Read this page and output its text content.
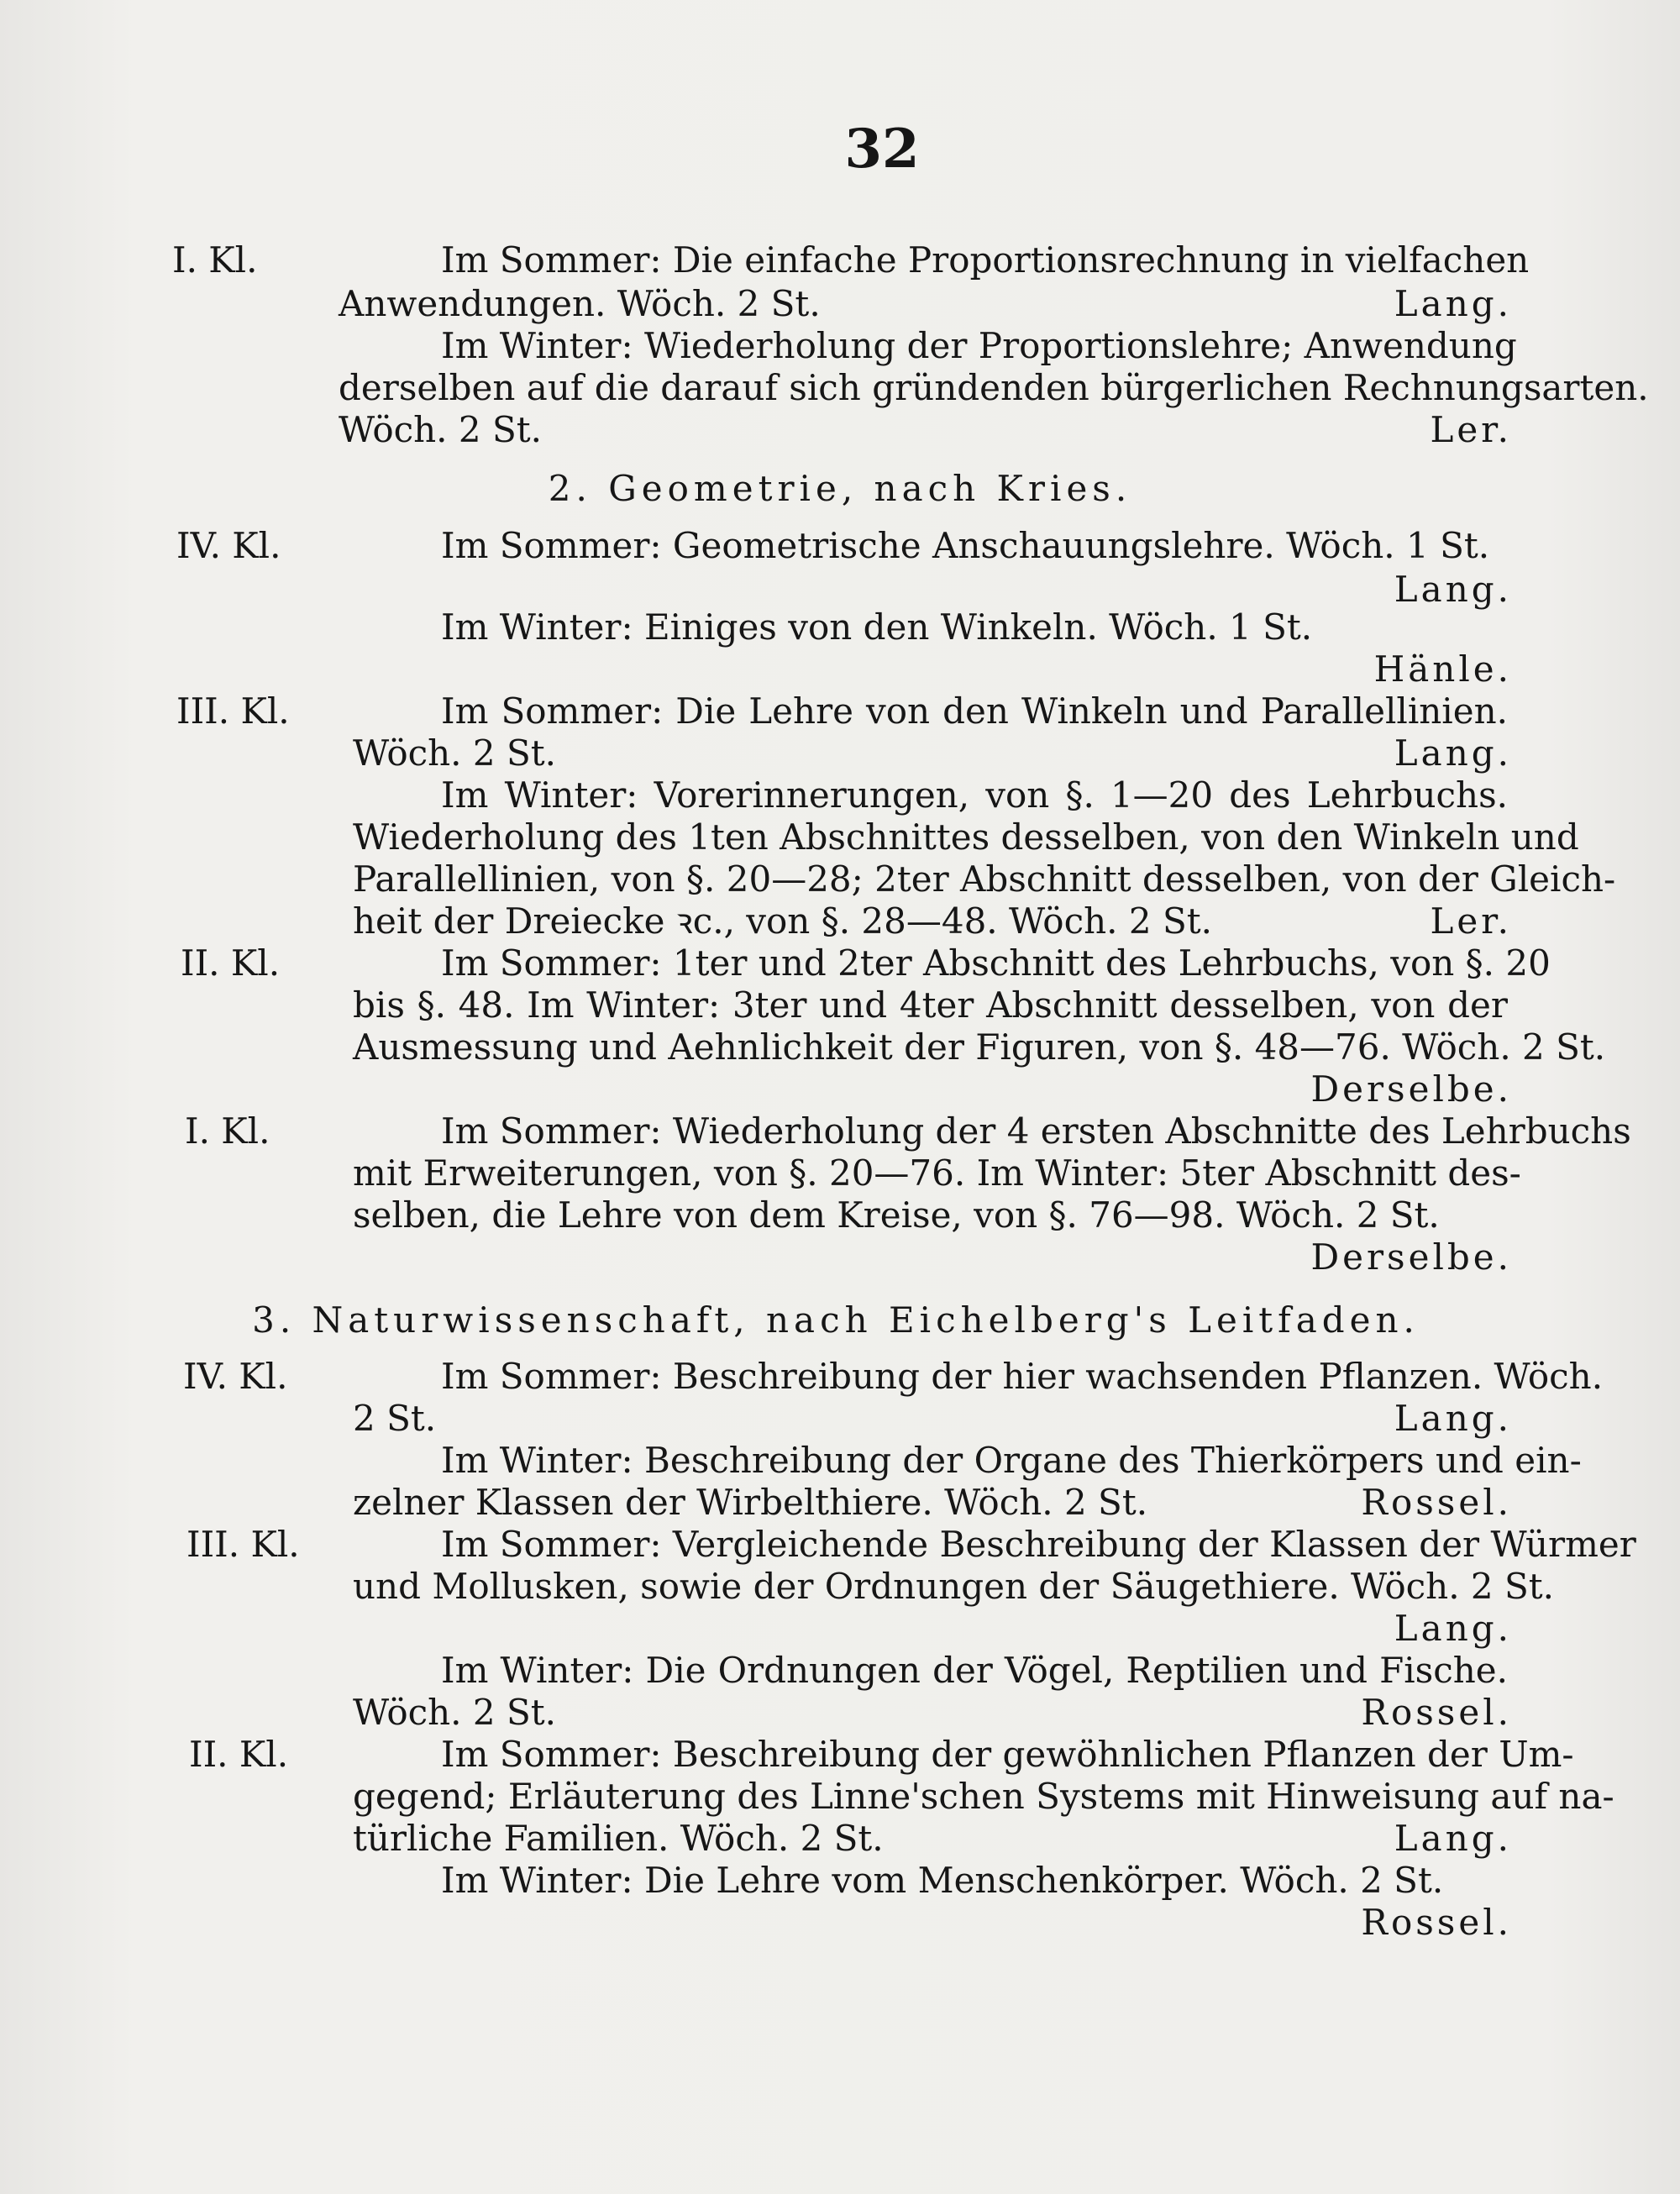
32
I. Kl.	Im Sommer: Die einfache Proportionsrechnung in vielfachen
Anwendungen. Wöch. 2 St.	Lang.
Im Winter: Wiederholung der Proportionslehre; Anwendung
derselben auf die darauf sich gründenden bürgerlichen Rechnungsarten.
Wöch. 2 St.	Ler.
2. Geometrie, nach Kries.
IV. Kl.	Im Sommer: Geometrische Anschauungslehre. Wöch. 1 St.
Lang.
Im Winter: Einiges von den Winkeln. Wöch. 1 St.
Hänle.
III. Kl.	Im Sommer: Die Lehre von den Winkeln und Parallellinien.
Wöch. 2 St.	Lang.
Im Winter: Vorerinnerungen, von §. 1—20 des Lehrbuchs.
Wiederholung des 1ten Abschnittes desselben, von den Winkeln und
Parallellinien, von §. 20—28; 2ter Abschnitt desselben, von der Gleich-
heit der Dreiecke ꝛc., von §. 28—48. Wöch. 2 St.	Ler.
II. Kl.	Im Sommer: 1ter und 2ter Abschnitt des Lehrbuchs, von §. 20
bis §. 48. Im Winter: 3ter und 4ter Abschnitt desselben, von der
Ausmessung und Aehnlichkeit der Figuren, von §. 48—76. Wöch. 2 St.
Derselbe.
I. Kl.	Im Sommer: Wiederholung der 4 ersten Abschnitte des Lehrbuchs
mit Erweiterungen, von §. 20—76. Im Winter: 5ter Abschnitt des-
selben, die Lehre von dem Kreise, von §. 76—98. Wöch. 2 St.
Derselbe.
3. Naturwissenschaft, nach Eichelberg's Leitfaden.
IV. Kl.	Im Sommer: Beschreibung der hier wachsenden Pflanzen. Wöch.
2 St.	Lang.
Im Winter: Beschreibung der Organe des Thierkörpers und ein-
zelner Klassen der Wirbelthiere. Wöch. 2 St.	Rossel.
III. Kl.	Im Sommer: Vergleichende Beschreibung der Klassen der Würmer
und Mollusken, sowie der Ordnungen der Säugethiere. Wöch. 2 St.
Lang.
Im Winter: Die Ordnungen der Vögel, Reptilien und Fische.
Wöch. 2 St.	Rossel.
II. Kl.	Im Sommer: Beschreibung der gewöhnlichen Pflanzen der Um-
gegend; Erläuterung des Linne'schen Systems mit Hinweisung auf na-
türliche Familien. Wöch. 2 St.	Lang.
Im Winter: Die Lehre vom Menschenkörper. Wöch. 2 St.
Rossel.
